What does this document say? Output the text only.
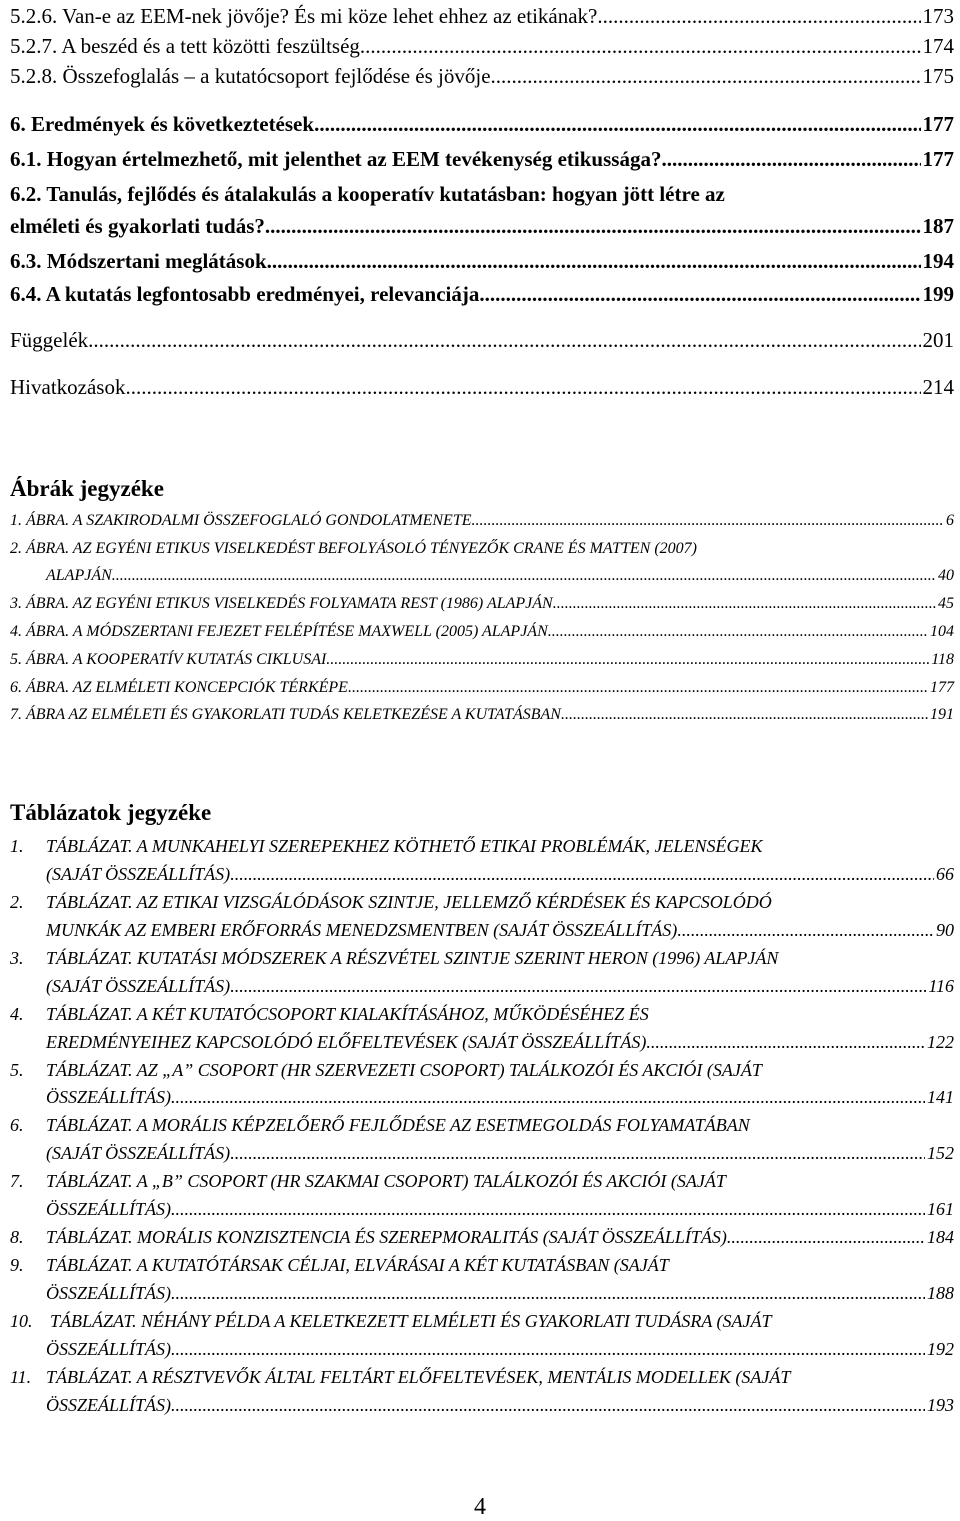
5.2.6. Van-e az EEM-nek jövője? És mi köze lehet ehhez az etikának? .....	173
5.2.7. A beszéd és a tett közötti feszültség .....	174
5.2.8. Összefoglalás – a kutatócsoport fejlődése és jövője .....	175
6. Eredmények és következtetések .....	177
6.1. Hogyan értelmezhető, mit jelenthet az EEM tevékenység etikussága? .....	177
6.2. Tanulás, fejlődés és átalakulás a kooperatív kutatásban: hogyan jött létre az
elméleti és gyakorlati tudás? .....	187
6.3. Módszertani meglátások .....	194
6.4. A kutatás legfontosabb eredményei, relevanciája .....	199
Függelék .....	201
Hivatkozások .....	214
Ábrák jegyzéke
1. ÁBRA. A SZAKIRODALMI ÖSSZEFOGLALÓ GONDOLATMENETE .....	6
2. ÁBRA. AZ EGYÉNI ETIKUS VISELKEDÉST BEFOLYÁSOLÓ TÉNYEZŐK CRANE ÉS MATTEN (2007)
ALAPJÁN .....	40
3. ÁBRA. AZ EGYÉNI ETIKUS VISELKEDÉS FOLYAMATA REST (1986) ALAPJÁN .....	45
4. ÁBRA. A MÓDSZERTANI FEJEZET FELÉPÍTÉSE MAXWELL (2005) ALAPJÁN .....	104
5. ÁBRA. A KOOPERATÍV KUTATÁS CIKLUSAI .....	118
6. ÁBRA. AZ ELMÉLETI KONCEPCIÓK TÉRKÉPE .....	177
7. ÁBRA AZ ELMÉLETI ÉS GYAKORLATI TUDÁS KELETKEZÉSE A KUTATÁSBAN .....	191
Táblázatok jegyzéke
1. TÁBLÁZAT. A MUNKAHELYI SZEREPEKHEZ KÖTHETŐ ETIKAI PROBLÉMÁK, JELENSÉGEK
(SAJÁT ÖSSZEÁLLÍTÁS) .....	66
2. TÁBLÁZAT. AZ ETIKAI VIZSGÁLÓDÁSOK SZINTJE, JELLEMZŐ KÉRDÉSEK ÉS KAPCSOLÓDÓ
MUNKÁK AZ EMBERI ERŐFORRÁS MENEDZSMENTBEN (SAJÁT ÖSSZEÁLLÍTÁS) .....	90
3. TÁBLÁZAT. KUTATÁSI MÓDSZEREK A RÉSZVÉTEL SZINTJE SZERINT HERON (1996) ALAPJÁN
(SAJÁT ÖSSZEÁLLÍTÁS) .....	116
4. TÁBLÁZAT. A KÉT KUTATÓCSOPORT KIALAKÍTÁSÁHOZ, MŰKÖDÉSÉHEZ ÉS
EREDMÉNYEIHEZ KAPCSOLÓDÓ ELŐFELTEVÉSEK (SAJÁT ÖSSZEÁLLÍTÁS) .....	122
5. TÁBLÁZAT. AZ „A” CSOPORT (HR SZERVEZETI CSOPORT) TALÁLKOZÓI ÉS AKCIÓI (SAJÁT
ÖSSZEÁLLÍTÁS) .....	141
6. TÁBLÁZAT. A MORÁLIS KÉPZELŐERŐ FEJLŐDÉSE AZ ESETMEGOLDÁS FOLYAMATÁBAN
(SAJÁT ÖSSZEÁLLÍTÁS) .....	152
7. TÁBLÁZAT. A „B” CSOPORT (HR SZAKMAI CSOPORT) TALÁLKOZÓI ÉS AKCIÓI (SAJÁT
ÖSSZEÁLLÍTÁS) .....	161
8. TÁBLÁZAT. MORÁLIS KONZISZTENCIA ÉS SZEREPMORALITÁS (SAJÁT ÖSSZEÁLLÍTÁS) .....	184
9. TÁBLÁZAT. A KUTATÓTÁRSAK CÉLJAI, ELVÁRÁSAI A KÉT KUTATÁSBAN (SAJÁT
ÖSSZEÁLLÍTÁS) .....	188
10. TÁBLÁZAT. NÉHÁNY PÉLDA A KELETKEZETT ELMÉLETI ÉS GYAKORLATI TUDÁSRA (SAJÁT
ÖSSZEÁLLÍTÁS) .....	192
11. TÁBLÁZAT. A RÉSZTVEVŐK ÁLTAL FELTÁRT ELŐFELTEVÉSEK, MENTÁLIS MODELLEK (SAJÁT
ÖSSZEÁLLÍTÁS) .....	193
4
